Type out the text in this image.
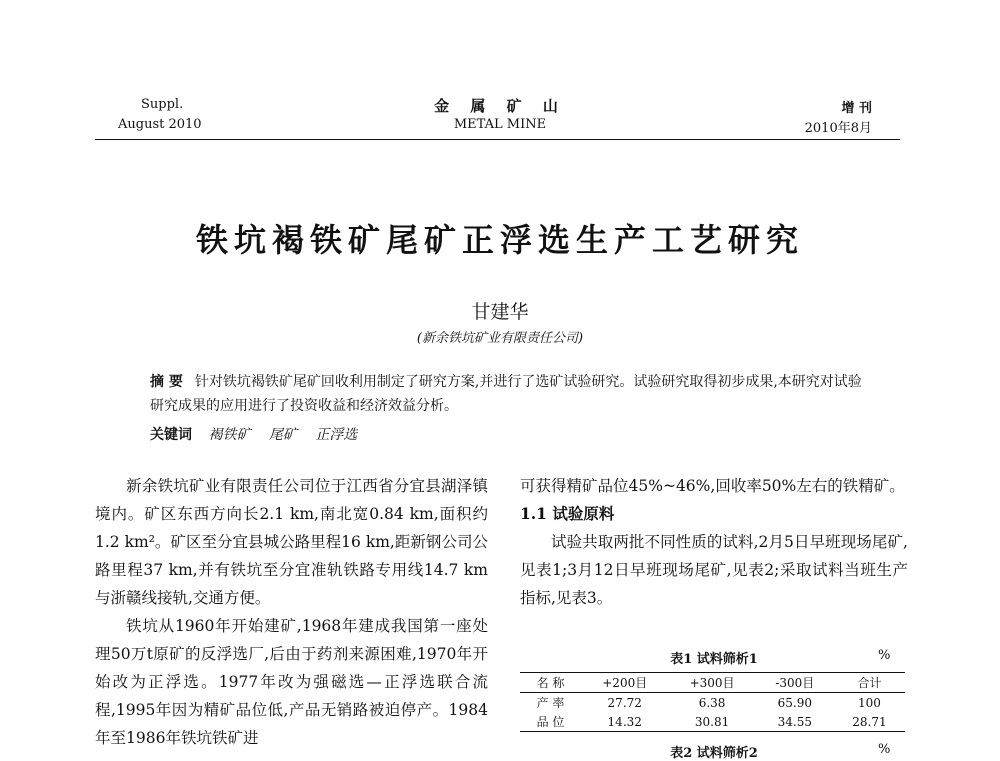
Suppl.
August 2010
金 属 矿 山
METAL MINE
增 刊
2010年8月
铁坑褐铁矿尾矿正浮选生产工艺研究
甘建华
(新余铁坑矿业有限责任公司)
摘 要 针对铁坑褐铁矿尾矿回收利用制定了研究方案,并进行了选矿试验研究。试验研究取得初步成果,本研究对试验研究成果的应用进行了投资收益和经济效益分析。
关键词 褐铁矿 尾矿 正浮选

新余铁坑矿业有限责任公司位于江西省分宜县湖泽镇境内。矿区东西方向长2.1 km,南北宽0.84 km,面积约1.2 km²。矿区至分宜县城公路里程16 km,距新钢公司公路里程37 km,并有铁坑至分宜准轨铁路专用线14.7 km与浙赣线接轨,交通方便。

铁坑从1960年开始建矿,1968年建成我国第一座处理50万t原矿的反浮选厂,后由于药剂来源困难,1970年开始改为正浮选。1977年改为强磁选—正浮选联合流程,1995年因为精矿品位低,产品无销路被迫停产。1984年至1986年铁坑铁矿进

可获得精矿品位45%~46%,回收率50%左右的铁精矿。

1.1 试验原料

试验共取两批不同性质的试料,2月5日早班现场尾矿,见表1;3月12日早班现场尾矿,见表2;采取试料当班生产指标,见表3。

表1 试料筛析1	%
名 称	+200目	+300目	-300目	合计
产 率	27.72	6.38	65.90	100
品 位	14.32	30.81	34.55	28.71
表2 试料筛析2	%
